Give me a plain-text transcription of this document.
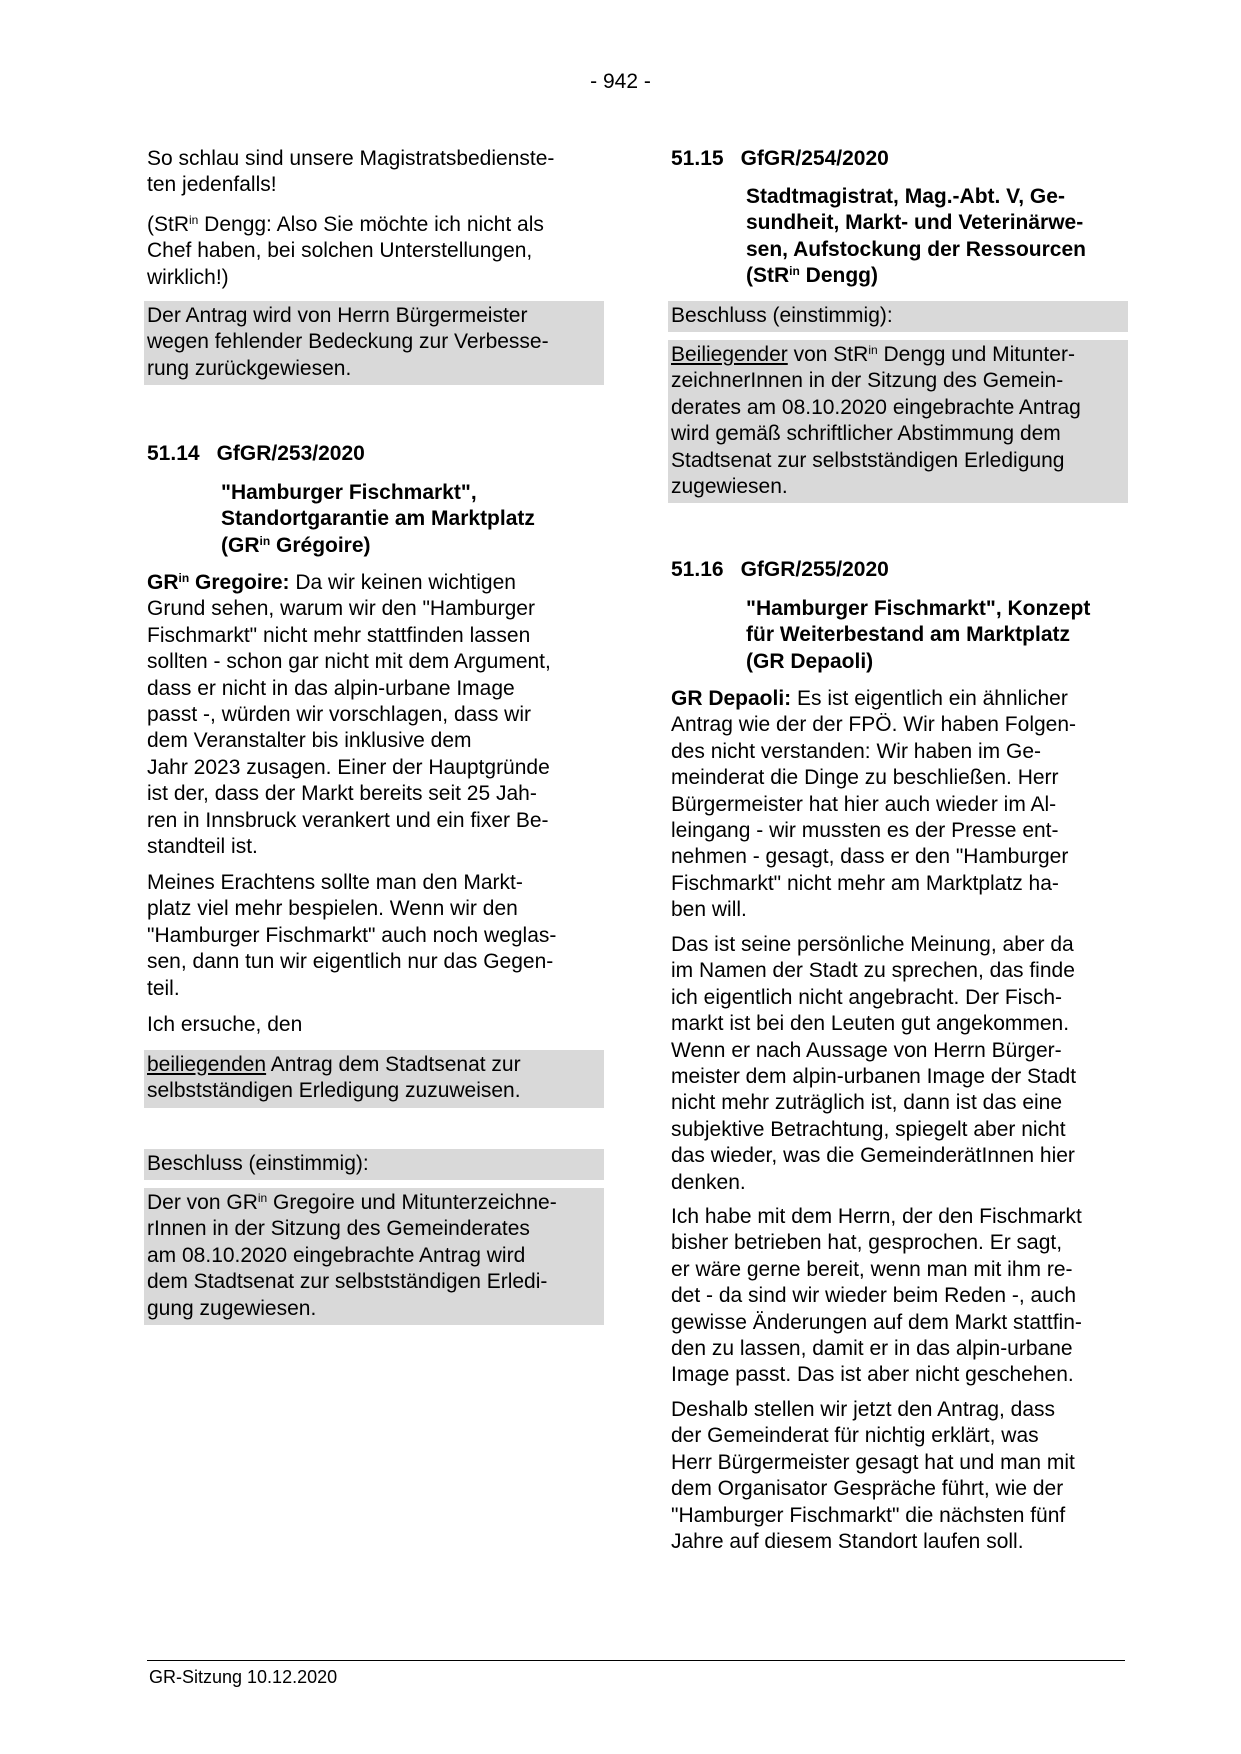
- 942 -
So schlau sind unsere Magistratsbedienste-
ten jedenfalls!
(StR$^{in}$ Dengg: Also Sie möchte ich nicht als
Chef haben, bei solchen Unterstellungen,
wirklich!)
Der Antrag wird von Herrn Bürgermeister
wegen fehlender Bedeckung zur Verbesse-
rung zurückgewiesen.
51.14 GfGR/253/2020
"Hamburger Fischmarkt",
Standortgarantie am Marktplatz
($GR^{in}$ Grégoire)
$GR^{in}$ Gregoire: Da wir keinen wichtigen
Grund sehen, warum wir den "Hamburger
Fischmarkt" nicht mehr stattfinden lassen
sollten - schon gar nicht mit dem Argument,
dass er nicht in das alpin-urbane Image
passt -, würden wir vorschlagen, dass wir
dem Veranstalter bis inklusive dem
Jahr 2023 zusagen. Einer der Hauptgründe
ist der, dass der Markt bereits seit 25 Jah-
ren in Innsbruck verankert und ein fixer Be-
standteil ist.
Meines Erachtens sollte man den Markt-
platz viel mehr bespielen. Wenn wir den
"Hamburger Fischmarkt" auch noch weglas-
sen, dann tun wir eigentlich nur das Gegen-
teil.
Ich ersuche, den
beiliegenden Antrag dem Stadtsenat zur
selbstständigen Erledigung zuzuweisen.
Beschluss (einstimmig):
Der von $GR^{in}$ Gregoire und Mitunterzeichne-
rInnen in der Sitzung des Gemeinderates
am 08.10.2020 eingebrachte Antrag wird
dem Stadtsenat zur selbstständigen Erledi-
gung zugewiesen.
51.15 GfGR/254/2020
Stadtmagistrat, Mag.-Abt. V, Ge-
sundheit, Markt- und Veterinärwe-
sen, Aufstockung der Ressourcen
(StR$^{in}$ Dengg)
Beschluss (einstimmig):
Beiliegender von StR$^{in}$ Dengg und Mitunter-
zeichnerInnen in der Sitzung des Gemein-
derates am 08.10.2020 eingebrachte Antrag
wird gemäß schriftlicher Abstimmung dem
Stadtsenat zur selbstständigen Erledigung
zugewiesen.
51.16 GfGR/255/2020
"Hamburger Fischmarkt", Konzept
für Weiterbestand am Marktplatz
(GR Depaoli)
GR Depaoli: Es ist eigentlich ein ähnlicher
Antrag wie der der FPÖ. Wir haben Folgen-
des nicht verstanden: Wir haben im Ge-
meinderat die Dinge zu beschließen. Herr
Bürgermeister hat hier auch wieder im Al-
leingang - wir mussten es der Presse ent-
nehmen - gesagt, dass er den "Hamburger
Fischmarkt" nicht mehr am Marktplatz ha-
ben will.
Das ist seine persönliche Meinung, aber da
im Namen der Stadt zu sprechen, das finde
ich eigentlich nicht angebracht. Der Fisch-
markt ist bei den Leuten gut angekommen.
Wenn er nach Aussage von Herrn Bürger-
meister dem alpin-urbanen Image der Stadt
nicht mehr zuträglich ist, dann ist das eine
subjektive Betrachtung, spiegelt aber nicht
das wieder, was die GemeinderätInnen hier
denken.
Ich habe mit dem Herrn, der den Fischmarkt
bisher betrieben hat, gesprochen. Er sagt,
er wäre gerne bereit, wenn man mit ihm re-
det - da sind wir wieder beim Reden -, auch
gewisse Änderungen auf dem Markt stattfin-
den zu lassen, damit er in das alpin-urbane
Image passt. Das ist aber nicht geschehen.
Deshalb stellen wir jetzt den Antrag, dass
der Gemeinderat für nichtig erklärt, was
Herr Bürgermeister gesagt hat und man mit
dem Organisator Gespräche führt, wie der
"Hamburger Fischmarkt" die nächsten fünf
Jahre auf diesem Standort laufen soll.
GR-Sitzung 10.12.2020
